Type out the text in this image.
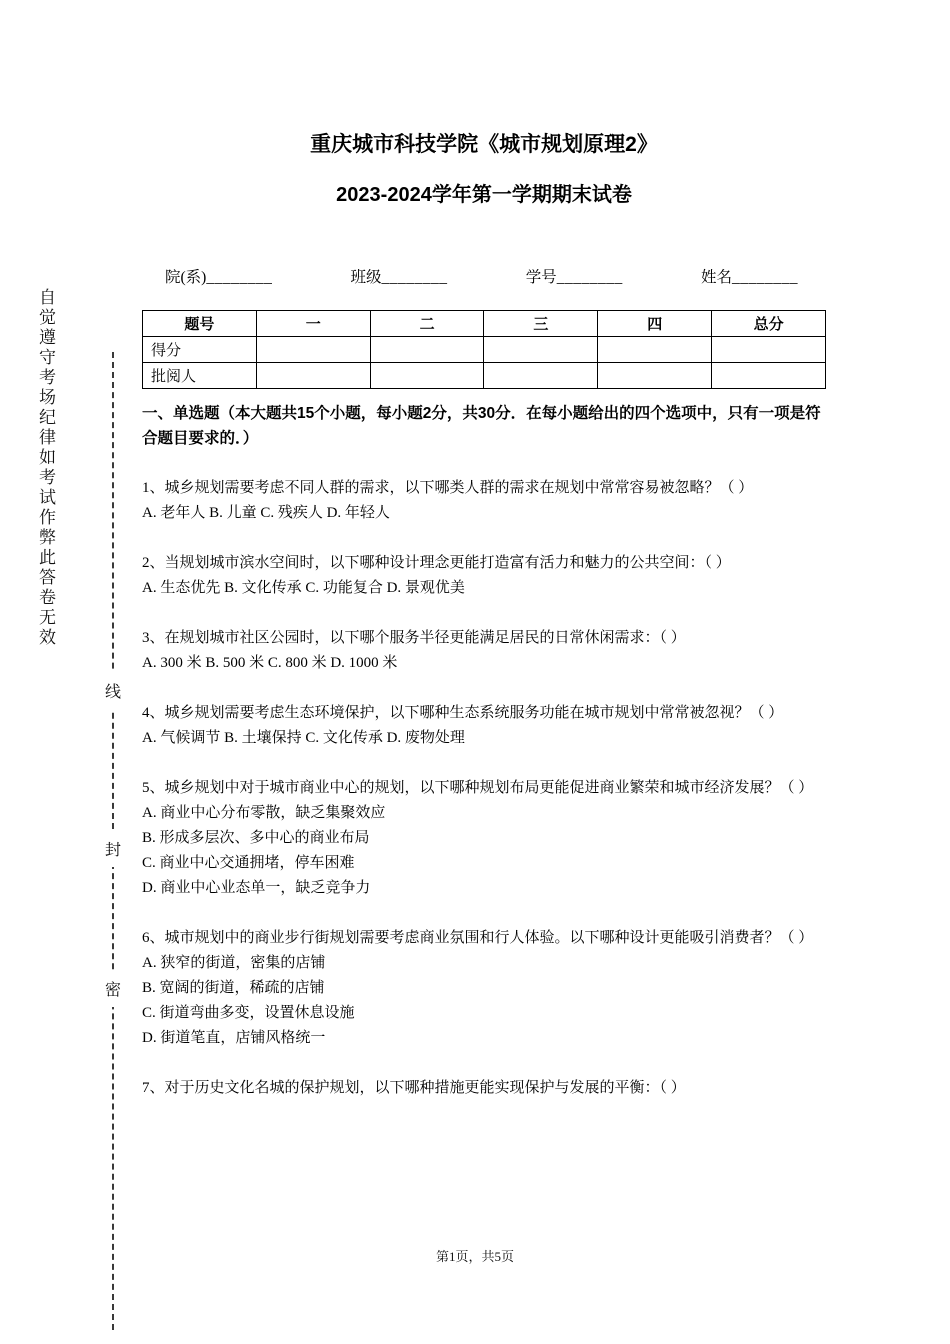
自觉遵守考场纪律如考试作弊此答卷无效
线
封
密
重庆城市科技学院《城市规划原理2》
2023-2024学年第一学期期末试卷
院(系)________	班级________	学号________	姓名________
题号	一	二	三	四	总分
得分					
批阅人					
一、单选题（本大题共15个小题，每小题2分，共30分．在每小题给出的四个选项中，只有一项是符合题目要求的．）

1、城乡规划需要考虑不同人群的需求，以下哪类人群的需求在规划中常常容易被忽略？（ ）

A. 老年人 B. 儿童 C. 残疾人 D. 年轻人

2、当规划城市滨水空间时，以下哪种设计理念更能打造富有活力和魅力的公共空间：（ ）

A. 生态优先 B. 文化传承 C. 功能复合 D. 景观优美

3、在规划城市社区公园时，以下哪个服务半径更能满足居民的日常休闲需求：（ ）

A. 300 米 B. 500 米 C. 800 米 D. 1000 米

4、城乡规划需要考虑生态环境保护，以下哪种生态系统服务功能在城市规划中常常被忽视？（ ）

A. 气候调节 B. 土壤保持 C. 文化传承 D. 废物处理

5、城乡规划中对于城市商业中心的规划，以下哪种规划布局更能促进商业繁荣和城市经济发展？（ ）

A. 商业中心分布零散，缺乏集聚效应

B. 形成多层次、多中心的商业布局

C. 商业中心交通拥堵，停车困难

D. 商业中心业态单一，缺乏竞争力

6、城市规划中的商业步行街规划需要考虑商业氛围和行人体验。以下哪种设计更能吸引消费者？（ ）

A. 狭窄的街道，密集的店铺

B. 宽阔的街道，稀疏的店铺

C. 街道弯曲多变，设置休息设施

D. 街道笔直，店铺风格统一

7、对于历史文化名城的保护规划，以下哪种措施更能实现保护与发展的平衡：（ ）

第1页，共5页
